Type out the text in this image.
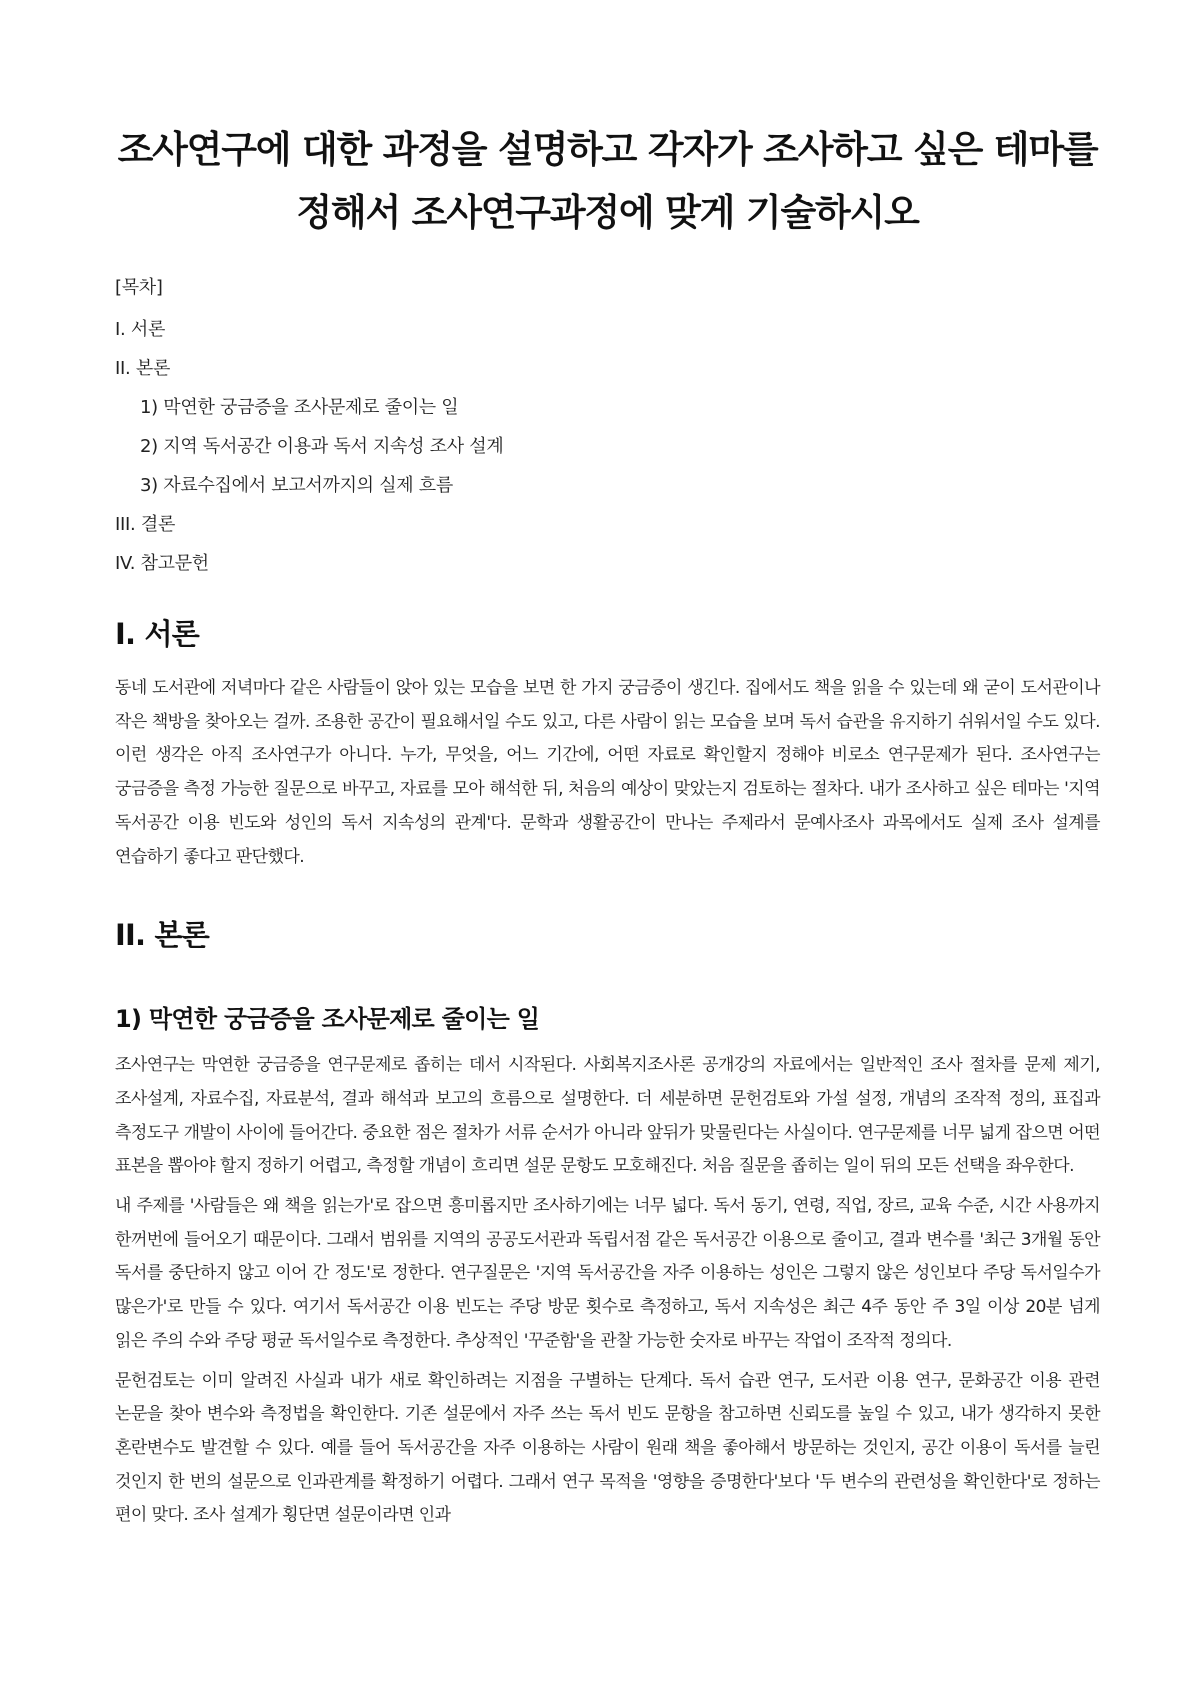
조사연구에 대한 과정을 설명하고 각자가 조사하고 싶은 테마를
정해서 조사연구과정에 맞게 기술하시오
[목차]
I. 서론
II. 본론
1) 막연한 궁금증을 조사문제로 줄이는 일
2) 지역 독서공간 이용과 독서 지속성 조사 설계
3) 자료수집에서 보고서까지의 실제 흐름
III. 결론
IV. 참고문헌
I. 서론

동네 도서관에 저녁마다 같은 사람들이 앉아 있는 모습을 보면 한 가지 궁금증이 생긴다. 집에서도 책을 읽을 수 있는데 왜 굳이 도서관이나 작은 책방을 찾아오는 걸까. 조용한 공간이 필요해서일 수도 있고, 다른 사람이 읽는 모습을 보며 독서 습관을 유지하기 쉬워서일 수도 있다. 이런 생각은 아직 조사연구가 아니다. 누가, 무엇을, 어느 기간에, 어떤 자료로 확인할지 정해야 비로소 연구문제가 된다. 조사연구는 궁금증을 측정 가능한 질문으로 바꾸고, 자료를 모아 해석한 뒤, 처음의 예상이 맞았는지 검토하는 절차다. 내가 조사하고 싶은 테마는 '지역 독서공간 이용 빈도와 성인의 독서 지속성의 관계'다. 문학과 생활공간이 만나는 주제라서 문예사조사 과목에서도 실제 조사 설계를 연습하기 좋다고 판단했다.

II. 본론
1) 막연한 궁금증을 조사문제로 줄이는 일

조사연구는 막연한 궁금증을 연구문제로 좁히는 데서 시작된다. 사회복지조사론 공개강의 자료에서는 일반적인 조사 절차를 문제 제기, 조사설계, 자료수집, 자료분석, 결과 해석과 보고의 흐름으로 설명한다. 더 세분하면 문헌검토와 가설 설정, 개념의 조작적 정의, 표집과 측정도구 개발이 사이에 들어간다. 중요한 점은 절차가 서류 순서가 아니라 앞뒤가 맞물린다는 사실이다. 연구문제를 너무 넓게 잡으면 어떤 표본을 뽑아야 할지 정하기 어렵고, 측정할 개념이 흐리면 설문 문항도 모호해진다. 처음 질문을 좁히는 일이 뒤의 모든 선택을 좌우한다.

내 주제를 '사람들은 왜 책을 읽는가'로 잡으면 흥미롭지만 조사하기에는 너무 넓다. 독서 동기, 연령, 직업, 장르, 교육 수준, 시간 사용까지 한꺼번에 들어오기 때문이다. 그래서 범위를 지역의 공공도서관과 독립서점 같은 독서공간 이용으로 줄이고, 결과 변수를 '최근 3개월 동안 독서를 중단하지 않고 이어 간 정도'로 정한다. 연구질문은 '지역 독서공간을 자주 이용하는 성인은 그렇지 않은 성인보다 주당 독서일수가 많은가'로 만들 수 있다. 여기서 독서공간 이용 빈도는 주당 방문 횟수로 측정하고, 독서 지속성은 최근 4주 동안 주 3일 이상 20분 넘게 읽은 주의 수와 주당 평균 독서일수로 측정한다. 추상적인 '꾸준함'을 관찰 가능한 숫자로 바꾸는 작업이 조작적 정의다.

문헌검토는 이미 알려진 사실과 내가 새로 확인하려는 지점을 구별하는 단계다. 독서 습관 연구, 도서관 이용 연구, 문화공간 이용 관련 논문을 찾아 변수와 측정법을 확인한다. 기존 설문에서 자주 쓰는 독서 빈도 문항을 참고하면 신뢰도를 높일 수 있고, 내가 생각하지 못한 혼란변수도 발견할 수 있다. 예를 들어 독서공간을 자주 이용하는 사람이 원래 책을 좋아해서 방문하는 것인지, 공간 이용이 독서를 늘린 것인지 한 번의 설문으로 인과관계를 확정하기 어렵다. 그래서 연구 목적을 '영향을 증명한다'보다 '두 변수의 관련성을 확인한다'로 정하는 편이 맞다. 조사 설계가 횡단면 설문이라면 인과
